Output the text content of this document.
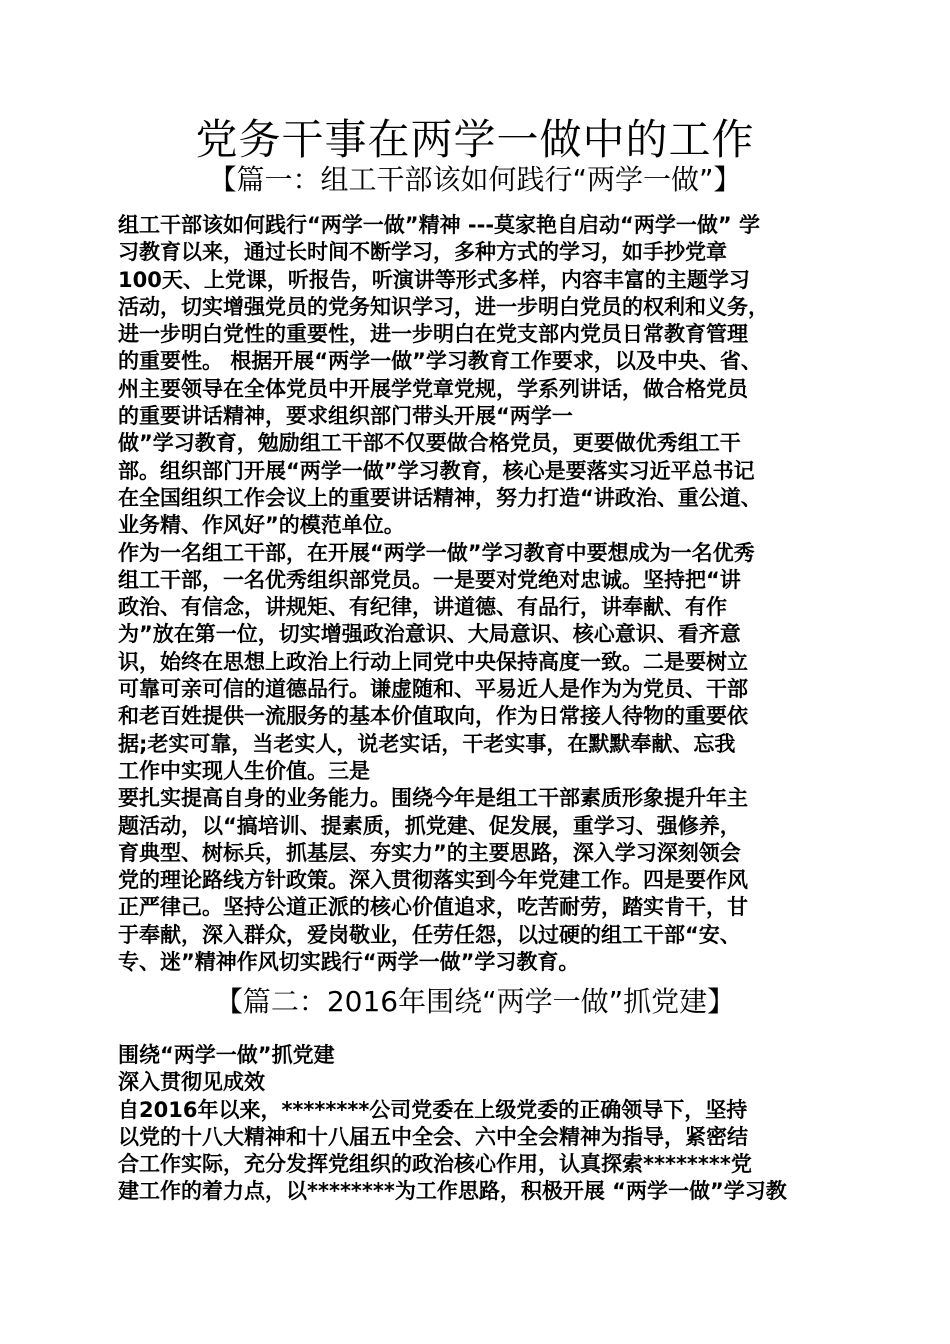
党务干事在两学一做中的工作
【篇一：组工干部该如何践行“两学一做”】
组工干部该如何践行“两学一做”精神 ---莫家艳自启动“两学一做” 学
习教育以来，通过长时间不断学习，多种方式的学习，如手抄党章
100天、上党课，听报告，听演讲等形式多样，内容丰富的主题学习
活动，切实增强党员的党务知识学习，进一步明白党员的权利和义务，
进一步明白党性的重要性，进一步明白在党支部内党员日常教育管理
的重要性。 根据开展“两学一做”学习教育工作要求，以及中央、省、
州主要领导在全体党员中开展学党章党规，学系列讲话，做合格党员
的重要讲话精神，要求组织部门带头开展“两学一
做”学习教育，勉励组工干部不仅要做合格党员，更要做优秀组工干
部。组织部门开展“两学一做”学习教育，核心是要落实习近平总书记
在全国组织工作会议上的重要讲话精神，努力打造“讲政治、重公道、
业务精、作风好”的模范单位。
作为一名组工干部，在开展“两学一做”学习教育中要想成为一名优秀
组工干部，一名优秀组织部党员。一是要对党绝对忠诚。坚持把“讲
政治、有信念，讲规矩、有纪律，讲道德、有品行，讲奉献、有作
为”放在第一位，切实增强政治意识、大局意识、核心意识、看齐意
识，始终在思想上政治上行动上同党中央保持高度一致。二是要树立
可靠可亲可信的道德品行。谦虚随和、平易近人是作为为党员、干部
和老百姓提供一流服务的基本价值取向，作为日常接人待物的重要依
据;老实可靠，当老实人，说老实话，干老实事，在默默奉献、忘我
工作中实现人生价值。三是
要扎实提高自身的业务能力。围绕今年是组工干部素质形象提升年主
题活动，以“搞培训、提素质，抓党建、促发展，重学习、强修养，
育典型、树标兵，抓基层、夯实力”的主要思路，深入学习深刻领会
党的理论路线方针政策。深入贯彻落实到今年党建工作。四是要作风
正严律己。坚持公道正派的核心价值追求，吃苦耐劳，踏实肯干，甘
于奉献，深入群众，爱岗敬业，任劳任怨，以过硬的组工干部“安、
专、迷”精神作风切实践行“两学一做”学习教育。
【篇二：2016年围绕“两学一做”抓党建】
围绕“两学一做”抓党建
深入贯彻见成效
自2016年以来，********公司党委在上级党委的正确领导下，坚持
以党的十八大精神和十八届五中全会、六中全会精神为指导，紧密结
合工作实际，充分发挥党组织的政治核心作用，认真探索********党
建工作的着力点，以********为工作思路，积极开展 “两学一做”学习教
